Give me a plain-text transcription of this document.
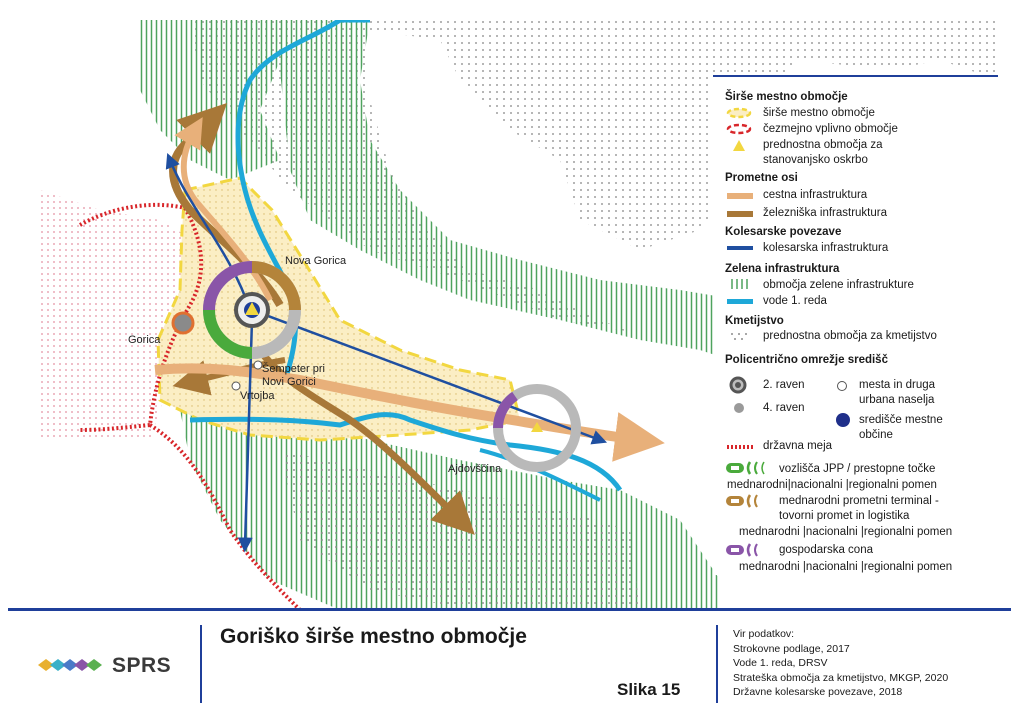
Nova Gorica
Gorica
Šempeter pri
Novi Gorici
Vrtojba
Ajdovščina
Širše mestno območje
širše mestno območje
čezmejno vplivno območje
prednostna območja za
stanovanjsko oskrbo
Prometne osi
cestna infrastruktura
železniška infrastruktura
Kolesarske povezave
kolesarska infrastruktura
Zelena infrastruktura
območja zelene infrastrukture
vode 1. reda
Kmetijstvo
prednostna območja za kmetijstvo
Policentrično omrežje središč
2. raven
4. raven
mesta in druga
urbana naselja
središče mestne
občine
državna meja
vozlišča JPP / prestopne točke
mednarodni|nacionalni |regionalni pomen
mednarodni prometni terminal -
tovorni promet in logistika
mednarodni |nacionalni |regionalni pomen
gospodarska cona
mednarodni |nacionalni |regionalni pomen
SPRS
Goriško širše mestno območje
Slika 15
Vir podatkov:
Strokovne podlage, 2017
Vode 1. reda, DRSV
Strateška območja za kmetijstvo, MKGP, 2020
Državne kolesarske povezave, 2018
